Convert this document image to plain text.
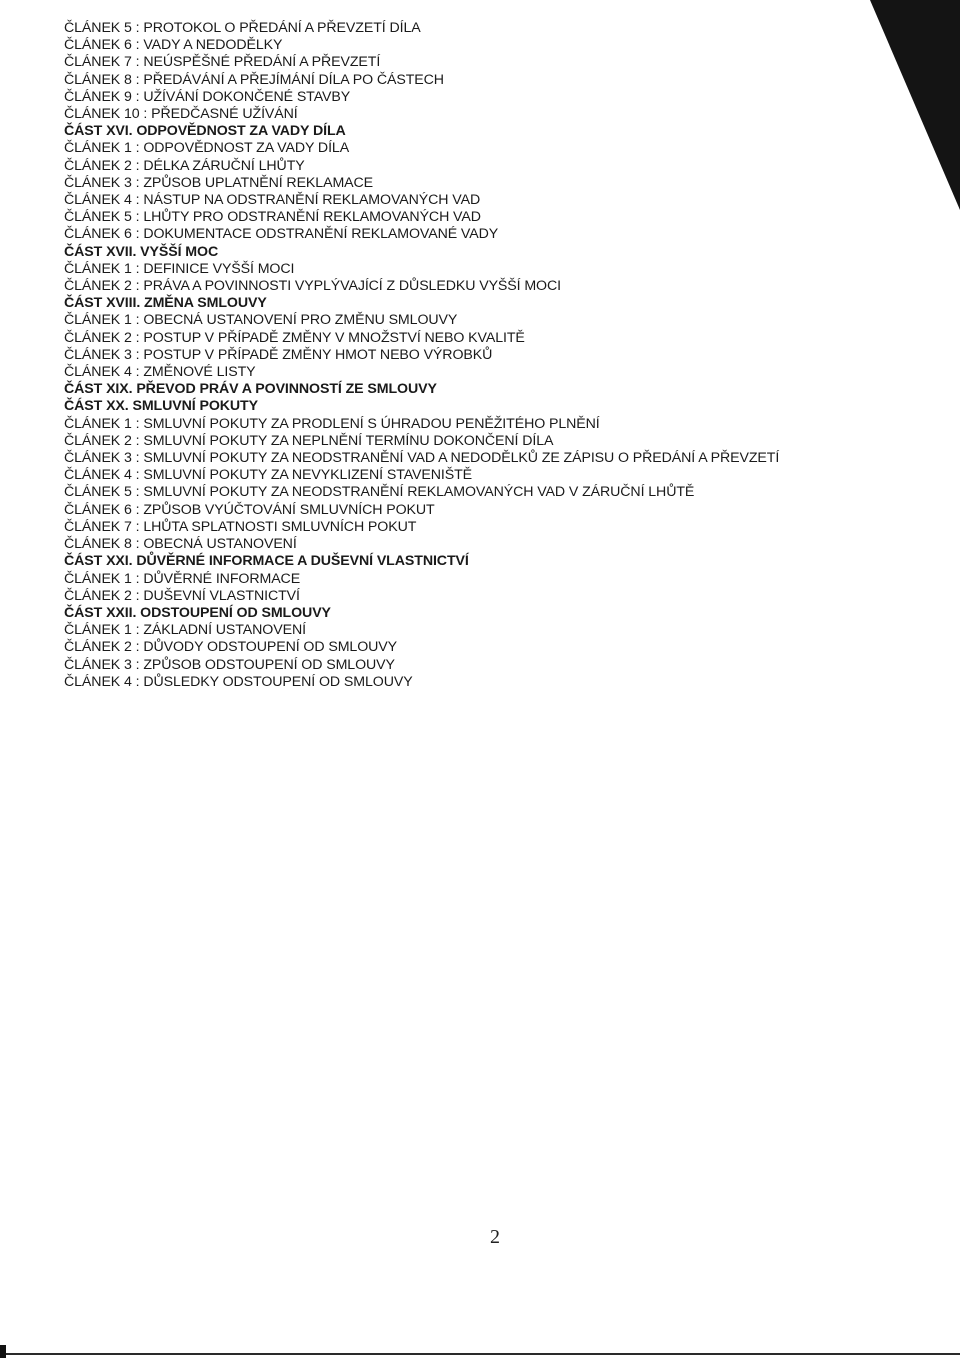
ČLÁNEK 5 : PROTOKOL O PŘEDÁNÍ A PŘEVZETÍ DÍLA
ČLÁNEK 6 : VADY A NEDODĚLKY
ČLÁNEK 7 : NEÚSPĚŠNÉ PŘEDÁNÍ A PŘEVZETÍ
ČLÁNEK 8 : PŘEDÁVÁNÍ A PŘEJÍMÁNÍ DÍLA PO ČÁSTECH
ČLÁNEK 9 : UŽÍVÁNÍ DOKONČENÉ STAVBY
ČLÁNEK 10 : PŘEDČASNÉ UŽÍVÁNÍ
ČÁST XVI. ODPOVĚDNOST ZA VADY DÍLA
ČLÁNEK 1 : ODPOVĚDNOST ZA VADY DÍLA
ČLÁNEK 2 : DÉLKA ZÁRUČNÍ LHŮTY
ČLÁNEK 3 : ZPŮSOB UPLATNĚNÍ REKLAMACE
ČLÁNEK 4 : NÁSTUP NA ODSTRANĚNÍ REKLAMOVANÝCH VAD
ČLÁNEK 5 : LHŮTY PRO ODSTRANĚNÍ REKLAMOVANÝCH VAD
ČLÁNEK 6 : DOKUMENTACE ODSTRANĚNÍ REKLAMOVANÉ VADY
ČÁST XVII. VYŠŠÍ MOC
ČLÁNEK 1 : DEFINICE VYŠŠÍ MOCI
ČLÁNEK 2 : PRÁVA A POVINNOSTI VYPLÝVAJÍCÍ Z DŮSLEDKU VYŠŠÍ MOCI
ČÁST XVIII. ZMĚNA SMLOUVY
ČLÁNEK 1 : OBECNÁ USTANOVENÍ PRO ZMĚNU SMLOUVY
ČLÁNEK 2 : POSTUP V PŘÍPADĚ ZMĚNY V MNOŽSTVÍ NEBO KVALITĚ
ČLÁNEK 3 : POSTUP V PŘÍPADĚ ZMĚNY HMOT NEBO VÝROBKŮ
ČLÁNEK 4 : ZMĚNOVÉ LISTY
ČÁST XIX. PŘEVOD PRÁV A POVINNOSTÍ ZE SMLOUVY
ČÁST XX. SMLUVNÍ POKUTY
ČLÁNEK 1 : SMLUVNÍ POKUTY ZA PRODLENÍ S ÚHRADOU PENĚŽITÉHO PLNĚNÍ
ČLÁNEK 2 : SMLUVNÍ POKUTY ZA NEPLNĚNÍ TERMÍNU DOKONČENÍ DÍLA
ČLÁNEK 3 : SMLUVNÍ POKUTY ZA NEODSTRANĚNÍ VAD A NEDODĚLKŮ ZE ZÁPISU O PŘEDÁNÍ A PŘEVZETÍ
ČLÁNEK 4 : SMLUVNÍ POKUTY ZA NEVYKLIZENÍ STAVENIŠTĚ
ČLÁNEK 5 : SMLUVNÍ POKUTY ZA NEODSTRANĚNÍ REKLAMOVANÝCH VAD V ZÁRUČNÍ LHŮTĚ
ČLÁNEK 6 : ZPŮSOB VYÚČTOVÁNÍ SMLUVNÍCH POKUT
ČLÁNEK 7 : LHŮTA SPLATNOSTI SMLUVNÍCH POKUT
ČLÁNEK 8 : OBECNÁ USTANOVENÍ
ČÁST XXI. DŮVĚRNÉ INFORMACE A DUŠEVNÍ VLASTNICTVÍ
ČLÁNEK 1 : DŮVĚRNÉ INFORMACE
ČLÁNEK 2 : DUŠEVNÍ VLASTNICTVÍ
ČÁST XXII. ODSTOUPENÍ OD SMLOUVY
ČLÁNEK 1 : ZÁKLADNÍ USTANOVENÍ
ČLÁNEK 2 : DŮVODY ODSTOUPENÍ OD SMLOUVY
ČLÁNEK 3 : ZPŮSOB ODSTOUPENÍ OD SMLOUVY
ČLÁNEK 4 : DŮSLEDKY ODSTOUPENÍ OD SMLOUVY
2
